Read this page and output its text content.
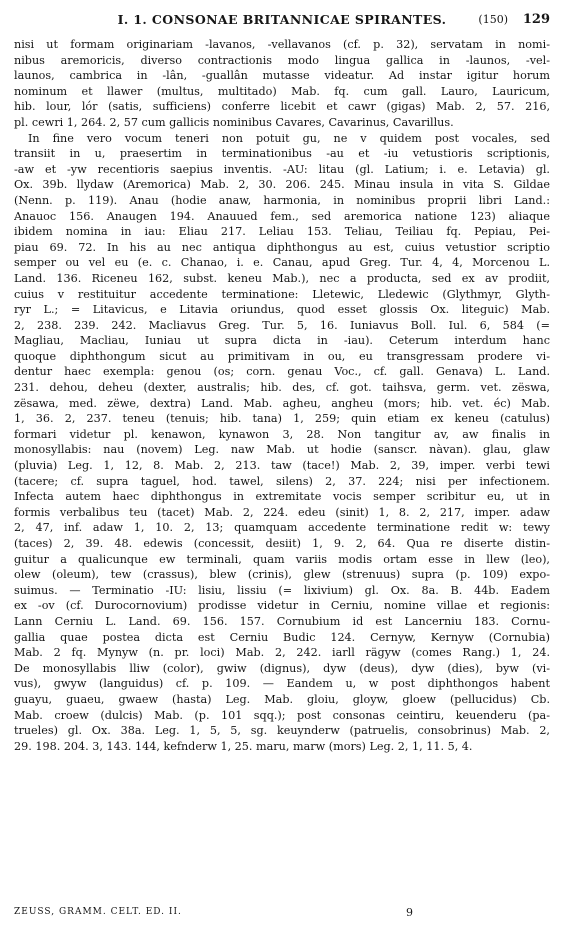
I. 1. CONSONAE BRITANNICAE SPIRANTES.	(150) 129
nisi ut formam originariam -lavanos, -vellavanos (cf. p. 32), servatam in nomi-
nibus aremoricis, diverso contractionis modo lingua gallica in -launos, -vel-
launos, cambrica in -lân, -guallân mutasse videatur. Ad instar igitur horum
nominum et llawer (multus, multitado) Mab. fq. cum gall. Lauro, Lauricum,
hib. lour, lór (satis, sufficiens) conferre licebit et cawr (gigas) Mab. 2, 57. 216,
pl. cewri 1, 264. 2, 57 cum gallicis nominibus Cavares, Cavarinus, Cavarillus.
In fine vero vocum teneri non potuit gu, ne v quidem post vocales, sed
transiit in u, praesertim in terminationibus -au et -iu vetustioris scriptionis,
-aw et -yw recentioris saepius inventis. -AU: litau (gl. Latium; i. e. Letavia) gl.
Ox. 39b. llydaw (Aremorica) Mab. 2, 30. 206. 245. Minau insula in vita S. Gildae
(Nenn. p. 119). Anau (hodie anaw, harmonia, in nominibus proprii libri Land.:
Anauoc 156. Anaugen 194. Anauued fem., sed aremorica natione 123) aliaque
ibidem nomina in iau: Eliau 217. Leliau 153. Teliau, Teiliau fq. Pepiau, Pei-
piau 69. 72. In his au nec antiqua diphthongus au est, cuius vetustior scriptio
semper ou vel eu (e. c. Chanao, i. e. Canau, apud Greg. Tur. 4, 4, Morcenou L.
Land. 136. Riceneu 162, subst. keneu Mab.), nec a producta, sed ex av prodiit,
cuius v restituitur accedente terminatione: Lletewic, Lledewic (Glythmyr, Glyth-
ryr L.; = Litavicus, e Litavia oriundus, quod esset glossis Ox. liteguic) Mab.
2, 238. 239. 242. Macliavus Greg. Tur. 5, 16. Iuniavus Boll. Iul. 6, 584 (=
Magliau, Macliau, Iuniau ut supra dicta in -iau). Ceterum interdum hanc
quoque diphthongum sicut au primitivam in ou, eu transgressam prodere vi-
dentur haec exempla: genou (os; corn. genau Voc., cf. gall. Genava) L. Land.
231. dehou, deheu (dexter, australis; hib. des, cf. got. taihsva, germ. vet. zëswa,
zësawa, med. zëwe, dextra) Land. Mab. agheu, angheu (mors; hib. vet. éc) Mab.
1, 36. 2, 237. teneu (tenuis; hib. tana) 1, 259; quin etiam ex keneu (catulus)
formari videtur pl. kenawon, kynawon 3, 28. Non tangitur av, aw finalis in
monosyllabis: nau (novem) Leg. naw Mab. ut hodie (sanscr. nàvan). glau, glaw
(pluvia) Leg. 1, 12, 8. Mab. 2, 213. taw (tace!) Mab. 2, 39, imper. verbi tewi
(tacere; cf. supra taguel, hod. tawel, silens) 2, 37. 224; nisi per infectionem.
Infecta autem haec diphthongus in extremitate vocis semper scribitur eu, ut in
formis verbalibus teu (tacet) Mab. 2, 224. edeu (sinit) 1, 8. 2, 217, imper. adaw
2, 47, inf. adaw 1, 10. 2, 13; quamquam accedente terminatione redit w: tewy
(taces) 2, 39. 48. edewis (concessit, desiit) 1, 9. 2, 64. Qua re diserte distin-
guitur a qualicunque ew terminali, quam variis modis ortam esse in llew (leo),
olew (oleum), tew (crassus), blew (crinis), glew (strenuus) supra (p. 109) expo-
suimus. — Terminatio -IU: lisiu, lissiu (= lixivium) gl. Ox. 8a. B. 44b. Eadem
ex -ov (cf. Durocornovium) prodisse videtur in Cerniu, nomine villae et regionis:
Lann Cerniu L. Land. 69. 156. 157. Cornubium id est Lancerniu 183. Cornu-
gallia quae postea dicta est Cerniu Budic 124. Cernyw, Kernyw (Cornubia)
Mab. 2 fq. Mynyw (n. pr. loci) Mab. 2, 242. iarll rägyw (comes Rang.) 1, 24.
De monosyllabis lliw (color), gwiw (dignus), dyw (deus), dyw (dies), byw (vi-
vus), gwyw (languidus) cf. p. 109. — Eandem u, w post diphthongos habent
guayu, guaeu, gwaew (hasta) Leg. Mab. gloiu, gloyw, gloew (pellucidus) Cb.
Mab. croew (dulcis) Mab. (p. 101 sqq.); post consonas ceintiru, keuenderu (pa-
trueles) gl. Ox. 38a. Leg. 1, 5, 5, sg. keuynderw (patruelis, consobrinus) Mab. 2,
29. 198. 204. 3, 143. 144, kefnderw 1, 25. maru, marw (mors) Leg. 2, 1, 11. 5, 4.
ZEUSS, GRAMM. CELT. ED. II.	9
